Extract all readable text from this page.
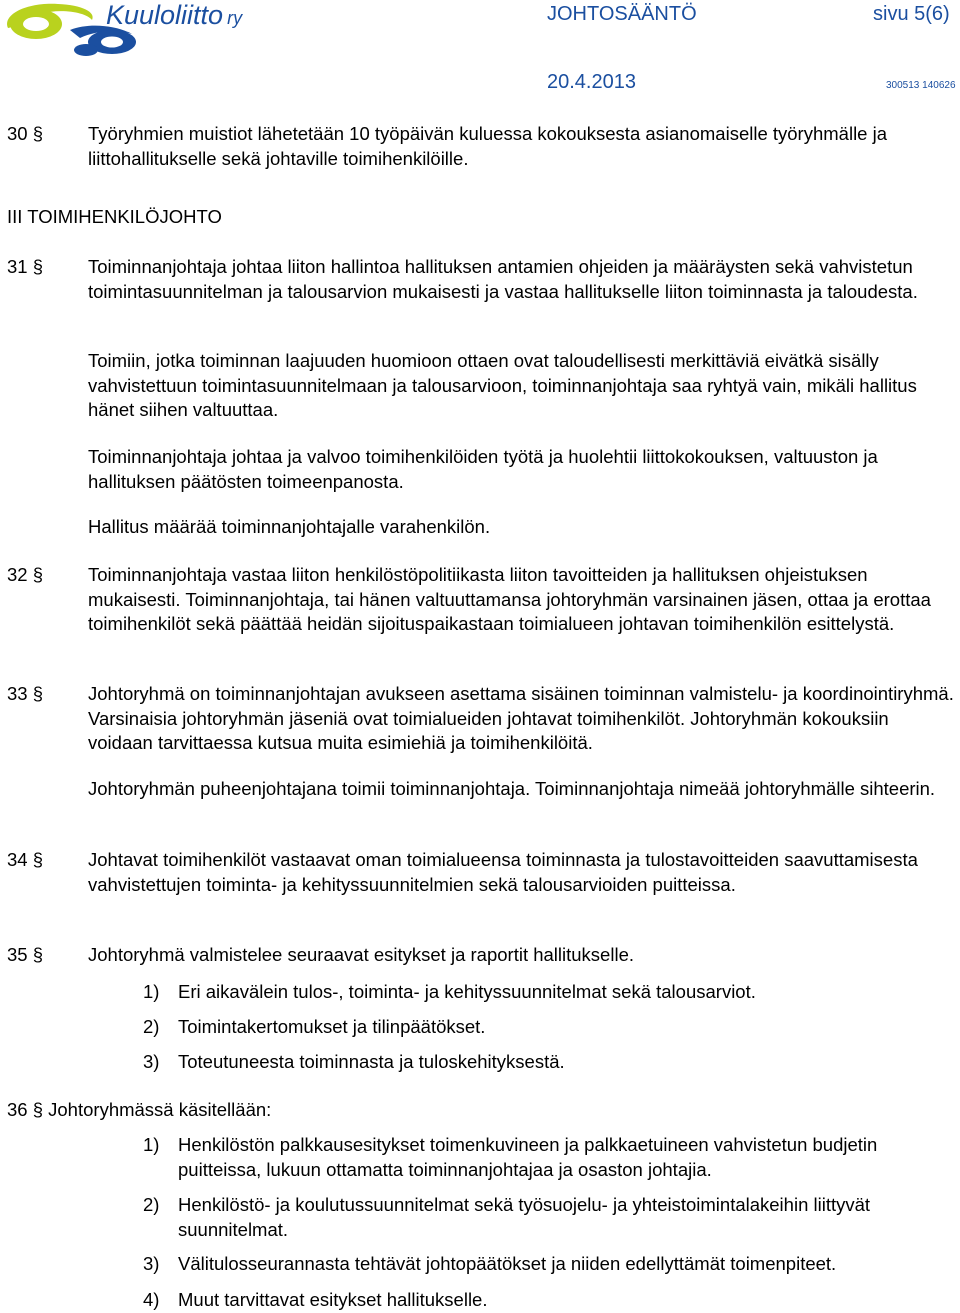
Kuuloliitto ry	JOHTOSÄÄNTÖ	sivu 5(6)
20.4.2013	300513 140626
30 § Työryhmien muistiot lähetetään 10 työpäivän kuluessa kokouksesta asianomaiselle työryhmälle ja liittohallitukselle sekä johtaville toimihenkilöille.
III TOIMIHENKILÖJOHTO
31 § Toiminnanjohtaja johtaa liiton hallintoa hallituksen antamien ohjeiden ja määräysten sekä vahvistetun toimintasuunnitelman ja talousarvion mukaisesti ja vastaa hallitukselle liiton toiminnasta ja taloudesta.
Toimiin, jotka toiminnan laajuuden huomioon ottaen ovat taloudellisesti merkittäviä eivätkä sisälly vahvistettuun toimintasuunnitelmaan ja talousarvioon, toiminnanjohtaja saa ryhtyä vain, mikäli hallitus hänet siihen valtuuttaa.
Toiminnanjohtaja johtaa ja valvoo toimihenkilöiden työtä ja huolehtii liittokokouksen, valtuuston ja hallituksen päätösten toimeenpanosta.
Hallitus määrää toiminnanjohtajalle varahenkilön.
32 § Toiminnanjohtaja vastaa liiton henkilöstöpolitiikasta liiton tavoitteiden ja hallituksen ohjeistuksen mukaisesti. Toiminnanjohtaja, tai hänen valtuuttamansa johtoryhmän varsinainen jäsen, ottaa ja erottaa toimihenkilöt sekä päättää heidän sijoituspaikastaan toimialueen johtavan toimihenkilön esittelystä.
33 § Johtoryhmä on toiminnanjohtajan avukseen asettama sisäinen toiminnan valmistelu- ja koordinointiryhmä. Varsinaisia johtoryhmän jäseniä ovat toimialueiden johtavat toimihenkilöt. Johtoryhmän kokouksiin voidaan tarvittaessa kutsua muita esimiehiä ja toimihenkilöitä.
Johtoryhmän puheenjohtajana toimii toiminnanjohtaja. Toiminnanjohtaja nimeää johtoryhmälle sihteerin.
34 § Johtavat toimihenkilöt vastaavat oman toimialueensa toiminnasta ja tulostavoitteiden saavuttamisesta vahvistettujen toiminta- ja kehityssuunnitelmien sekä talousarvioiden puitteissa.
35 § Johtoryhmä valmistelee seuraavat esitykset ja raportit hallitukselle.
1) Eri aikavälein tulos-, toiminta- ja kehityssuunnitelmat sekä talousarviot.
2) Toimintakertomukset ja tilinpäätökset.
3) Toteutuneesta toiminnasta ja tuloskehityksestä.
36 § Johtoryhmässä käsitellään:
1) Henkilöstön palkkausesitykset toimenkuvineen ja palkkaetuineen vahvistetun budjetin puitteissa, lukuun ottamatta toiminnanjohtajaa ja osaston johtajia.
2) Henkilöstö- ja koulutussuunnitelmat sekä työsuojelu- ja yhteistoimintalakeihin liittyvät suunnitelmat.
3) Välitulosseurannasta tehtävät johtopäätökset ja niiden edellyttämät toimenpiteet.
4) Muut tarvittavat esitykset hallitukselle.
